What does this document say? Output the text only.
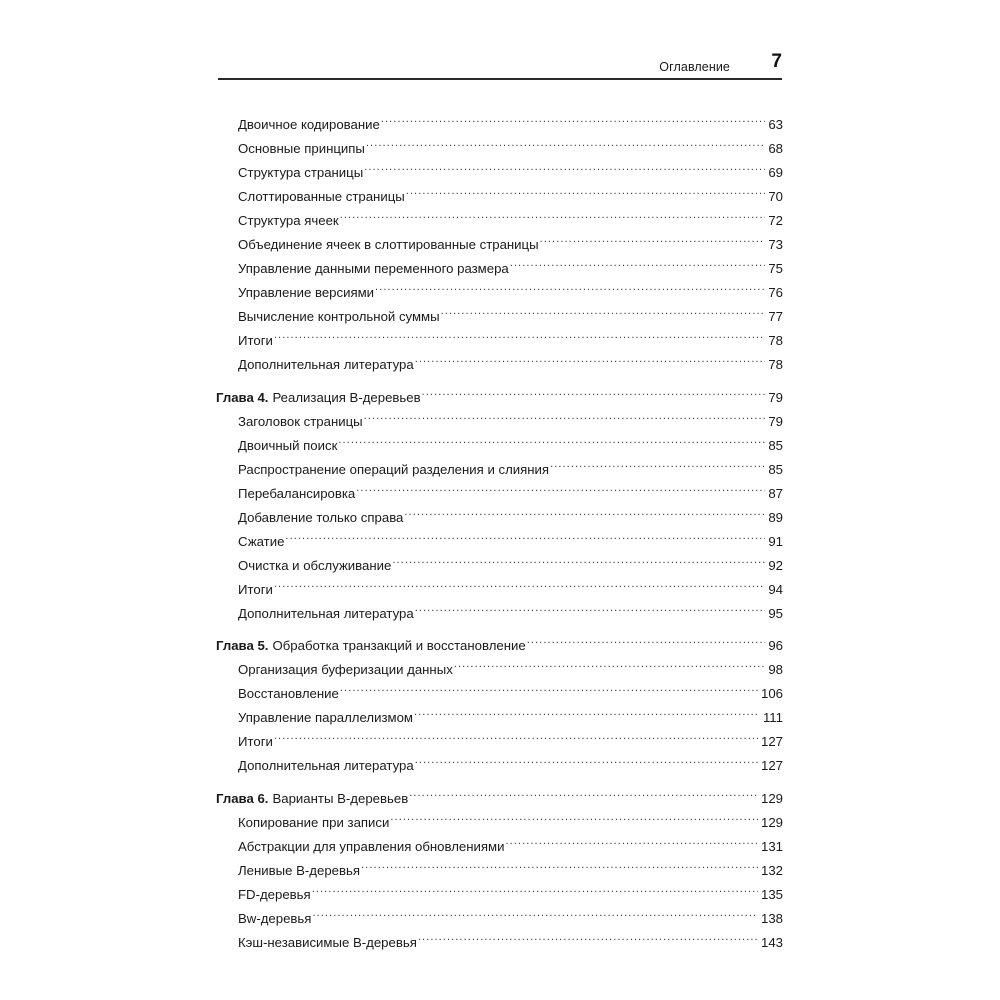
Оглавление 7
Двоичное кодирование .....	63
Основные принципы .....	68
Структура страницы .....	69
Слоттированные страницы .....	70
Структура ячеек .....	72
Объединение ячеек в слоттированные страницы .....	73
Управление данными переменного размера .....	75
Управление версиями .....	76
Вычисление контрольной суммы .....	77
Итоги .....	78
Дополнительная литература .....	78
Глава 4. Реализация B-деревьев .....	79
Заголовок страницы .....	79
Двоичный поиск .....	85
Распространение операций разделения и слияния .....	85
Перебалансировка .....	87
Добавление только справа .....	89
Сжатие .....	91
Очистка и обслуживание .....	92
Итоги .....	94
Дополнительная литература .....	95
Глава 5. Обработка транзакций и восстановление .....	96
Организация буферизации данных .....	98
Восстановление .....	106
Управление параллелизмом .....	111
Итоги .....	127
Дополнительная литература .....	127
Глава 6. Варианты B-деревьев .....	129
Копирование при записи .....	129
Абстракции для управления обновлениями .....	131
Ленивые B-деревья .....	132
FD-деревья .....	135
Bw-деревья .....	138
Кэш-независимые B-деревья .....	143
